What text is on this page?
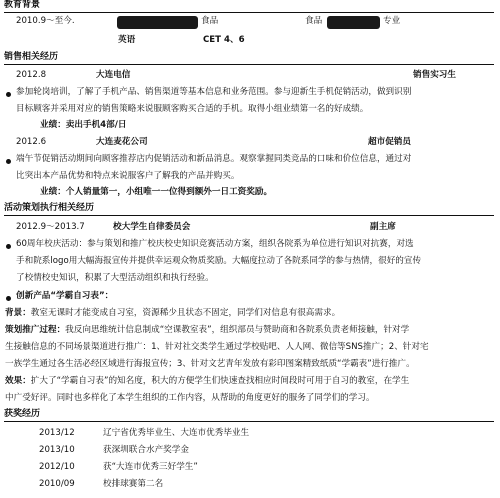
教育背景
2010.9～至今.	食品	食品	专业
英语	CET 4、6
销售相关经历
2012.8	大连电信	销售实习生
参加轮岗培训，了解了手机产品、销售渠道等基本信息和业务范围。参与迎新生手机促销活动，做到识别
目标顾客并采用对应的销售策略来说服顾客购买合适的手机。取得小组业绩第一名的好成绩。
业绩：卖出手机4部/日
2012.6	大连麦花公司	超市促销员
端午节促销活动期间向顾客推荐店内促销活动和新品消息。观察掌握同类竞品的口味和价位信息，通过对
比突出本产品优势和特点来说服客户了解我的产品并购买。
业绩：个人销量第一，小组唯一一位得到额外一日工资奖励。
活动策划执行相关经历
2012.9～2013.7	校大学生自律委员会	副主席
60周年校庆活动：参与策划和推广校庆校史知识竞赛活动方案，组织各院系为单位进行知识对抗赛，对选
手和院系logo用大幅海报宣传并提供幸运观众物质奖励。大幅度拉动了各院系同学的参与热情，很好的宣传
了校情校史知识，积累了大型活动组织和执行经验。
创新产品“学霸自习表”：
背景：教室无课时才能变成自习室，资源稀少且状态不固定，同学们对信息有很高需求。
策划推广过程：我反向思维统计信息制成“空课教室表”，组织部员与赞助商和各院系负责老师接触，针对学
生接触信息的不同场景渠道进行推广：1、针对社交类学生通过学校贴吧、人人网、微信等SNS推广；2、针对宅
一族学生通过各生活必经区域进行海报宣传；3、针对文艺青年发放有彩印图案精致纸质“学霸表”进行推广。
效果：扩大了“学霸自习表”的知名度，积大的方便学生们快速查找相应时间段时可用于自习的教室，在学生
中广受好评。同时也多样化了本学生组织的工作内容，从帮助的角度更好的服务了同学们的学习。
获奖经历
2013/12	辽宁省优秀毕业生、大连市优秀毕业生
2013/10	获深圳联合水产奖学金
2012/10	获“大连市优秀三好学生”
2010/09	校排球赛第二名
